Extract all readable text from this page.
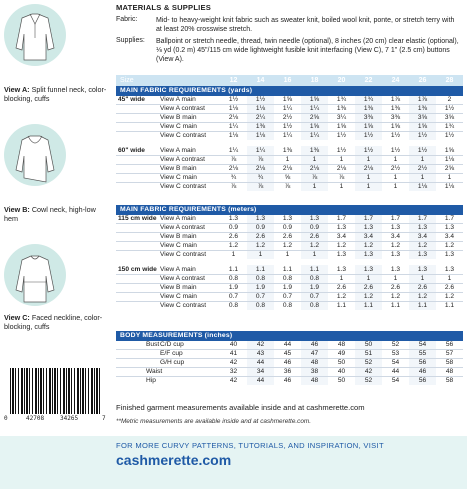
View A: Split funnel neck, color-blocking, cuffs
View B: Cowl neck, high-low hem
View C: Faced neckline, color-blocking, cuffs
0	42708	34265	7
MATERIALS & SUPPLIES
Fabric:	Mid- to heavy-weight knit fabric such as sweater knit, boiled wool knit, ponte, or stretch terry with at least 20% crosswise stretch.
Supplies: Ballpoint or stretch needle, thread, twin needle (optional), 8 inches (20 cm) clear elastic (optional), ⅛ yd (0.2 m) 45"/115 cm wide lightweight fusible knit interfacing (View C), 7 1" (2.5 cm) buttons (View A).
Size	12	14	16	18	20	22	24	26	28
MAIN FABRIC REQUIREMENTS (yards)
45" wide	View A main	1½	1½	1⅝	1⅝	1¾	1¾	1⅞	1⅞	2
	View A contrast	1⅛	1⅛	1¼	1¼	1⅜	1⅜	1⅜	1⅜	1½
	View B main	2⅛	2¼	2½	2⅝	3¼	3⅜	3⅜	3⅝	3⅝
	View C main	1¼	1⅜	1½	1⅝	1⅝	1⅝	1⅝	1⅝	1¾
	View C contrast	1⅛	1⅛	1¼	1¼	1½	1½	1½	1½	1½

60" wide	View A main	1¼	1¼	1⅜	1⅜	1½	1½	1½	1½	1⅝
	View A contrast	⅞	⅞	1	1	1	1	1	1	1⅛
	View B main	2⅛	2⅛	2⅛	2⅛	2⅛	2⅛	2½	2½	2⅝
	View C main	¾	¾	⅝	⅞	⅞	1	1	1	1
	View C contrast	⅞	⅞	⅞	1	1	1	1	1⅛	1⅛
MAIN FABRIC REQUIREMENTS (meters)
115 cm wide	View A main	1.3	1.3	1.3	1.3	1.7	1.7	1.7	1.7	1.7
	View A contrast	0.9	0.9	0.9	0.9	1.3	1.3	1.3	1.3	1.3
	View B main	2.6	2.6	2.6	2.6	3.4	3.4	3.4	3.4	3.4
	View C main	1.2	1.2	1.2	1.2	1.2	1.2	1.2	1.2	1.2
	View C contrast	1	1	1	1	1.3	1.3	1.3	1.3	1.3

150 cm wide	View A main	1.1	1.1	1.1	1.1	1.3	1.3	1.3	1.3	1.3
	View A contrast	0.8	0.8	0.8	0.8	1	1	1	1	1
	View B main	1.9	1.9	1.9	1.9	2.6	2.6	2.6	2.6	2.6
	View C main	0.7	0.7	0.7	0.7	1.2	1.2	1.2	1.2	1.2
	View C contrast	0.8	0.8	0.8	0.8	1.1	1.1	1.1	1.1	1.1
BODY MEASUREMENTS (inches)
Bust	C/D cup	40	42	44	46	48	50	52	54	56
	E/F cup	41	43	45	47	49	51	53	55	57
	G/H cup	42	44	46	48	50	52	54	56	58
Waist		32	34	36	38	40	42	44	46	48
Hip		42	44	46	48	50	52	54	56	58
Finished garment measurements available inside and at cashmerette.com
**Metric measurements are available inside and at cashmerette.com.
FOR MORE CURVY PATTERNS, TUTORIALS, AND INSPIRATION, VISIT
cashmerette.com
